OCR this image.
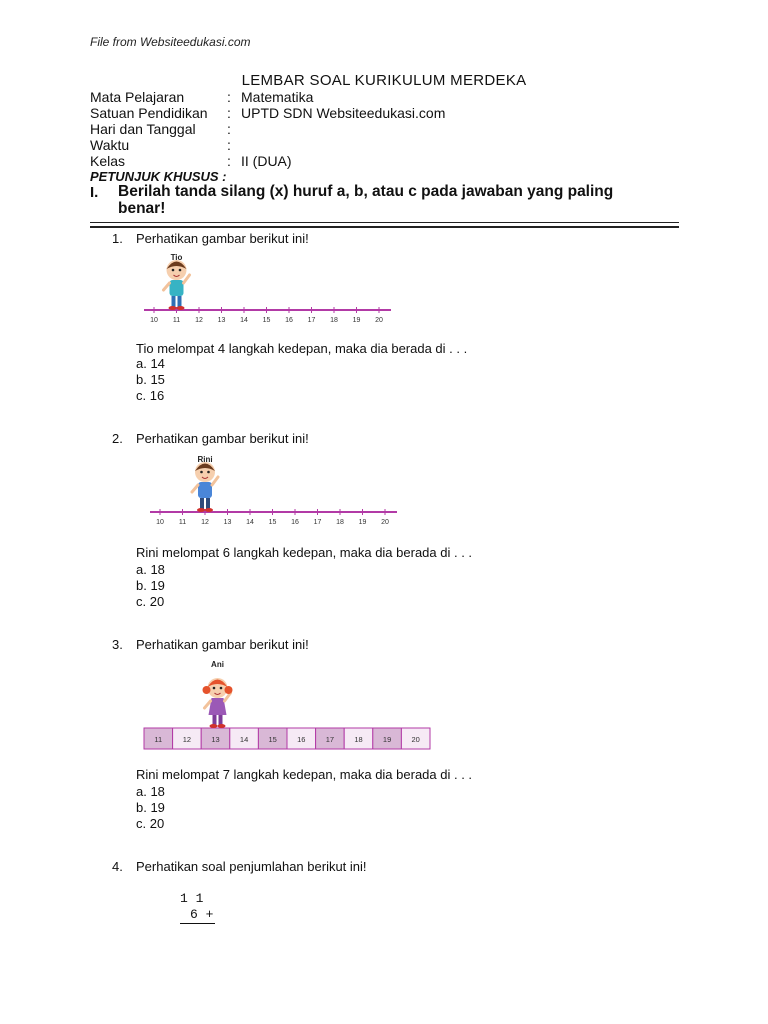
File from Websiteedukasi.com
LEMBAR SOAL KURIKULUM MERDEKA
Mata Pelajaran	: Matematika
Satuan Pendidikan	: UPTD SDN Websiteedukasi.com
Hari dan Tanggal	:
Waktu	:
Kelas	: II (DUA)
PETUNJUK KHUSUS :
I. Berilah tanda silang (x) huruf a, b, atau c pada jawaban yang paling benar!
1. Perhatikan gambar berikut ini!
10 11 12 13 14 15 16 17 18 19 20
Tio
Tio melompat 4 langkah kedepan, maka dia berada di . . .
a. 14
b. 15
c. 16
2. Perhatikan gambar berikut ini!
10 11 12 13 14 15 16 17 18 19 20
Rini
Rini melompat 6 langkah kedepan, maka dia berada di . . .
a. 18
b. 19
c. 20
3. Perhatikan gambar berikut ini!
11	12	13	14	15	16	17	18	19	20
Ani
Rini melompat 7 langkah kedepan, maka dia berada di . . .
a. 18
b. 19
c. 20
4. Perhatikan soal penjumlahan berikut ini!
1 1
6 +
